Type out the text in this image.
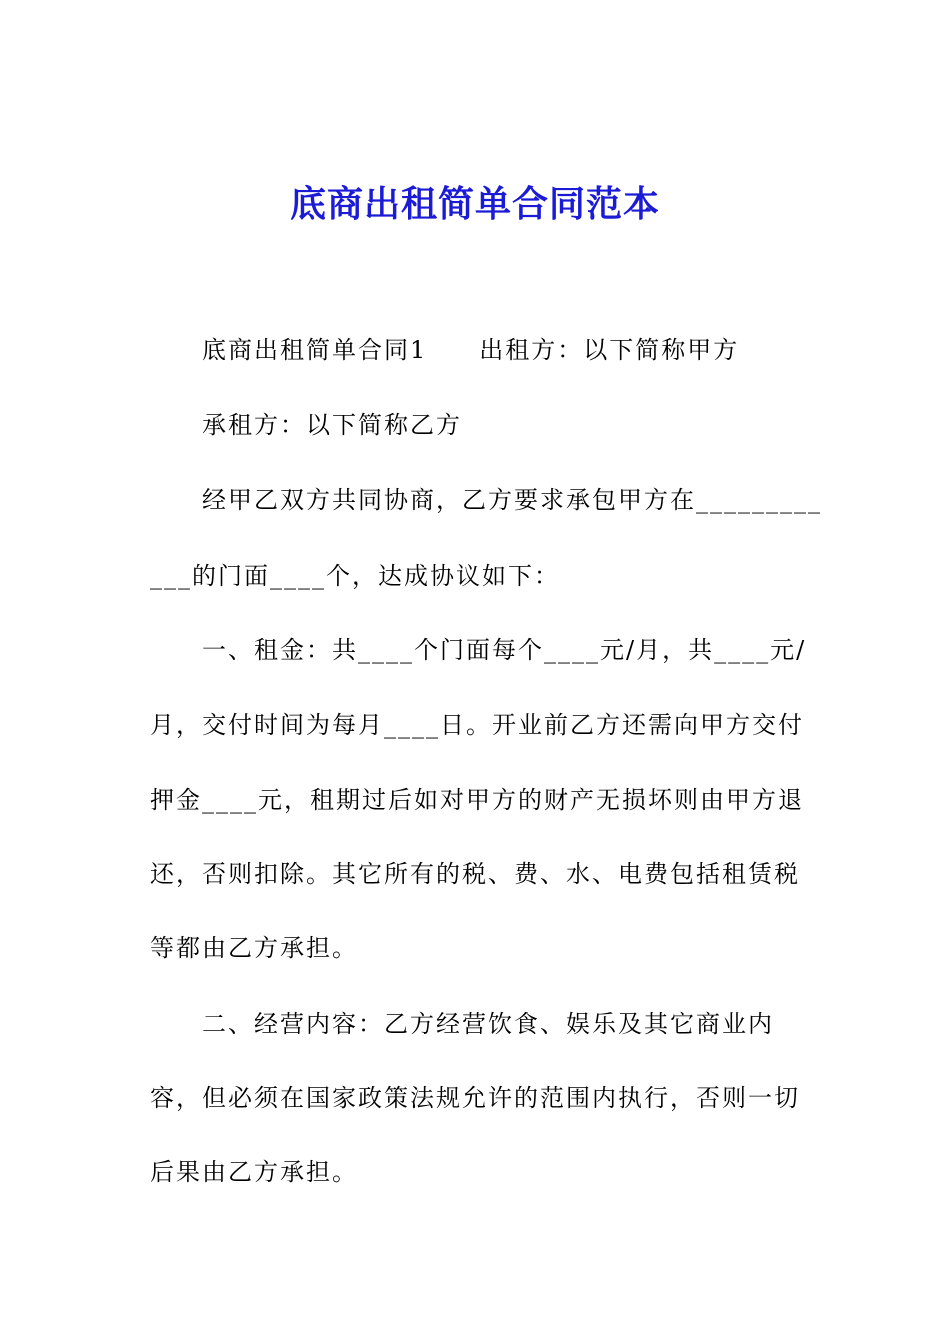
底商出租简单合同范本
底商出租简单合同1 出租方：以下简称甲方
承租方：以下简称乙方
经甲乙双方共同协商，乙方要求承包甲方在_________
___的门面____个，达成协议如下：
一、租金：共____个门面每个____元/月，共____元/
月，交付时间为每月____日。开业前乙方还需向甲方交付
押金____元，租期过后如对甲方的财产无损坏则由甲方退
还，否则扣除。其它所有的税、费、水、电费包括租赁税
等都由乙方承担。
二、经营内容：乙方经营饮食、娱乐及其它商业内
容，但必须在国家政策法规允许的范围内执行，否则一切
后果由乙方承担。
